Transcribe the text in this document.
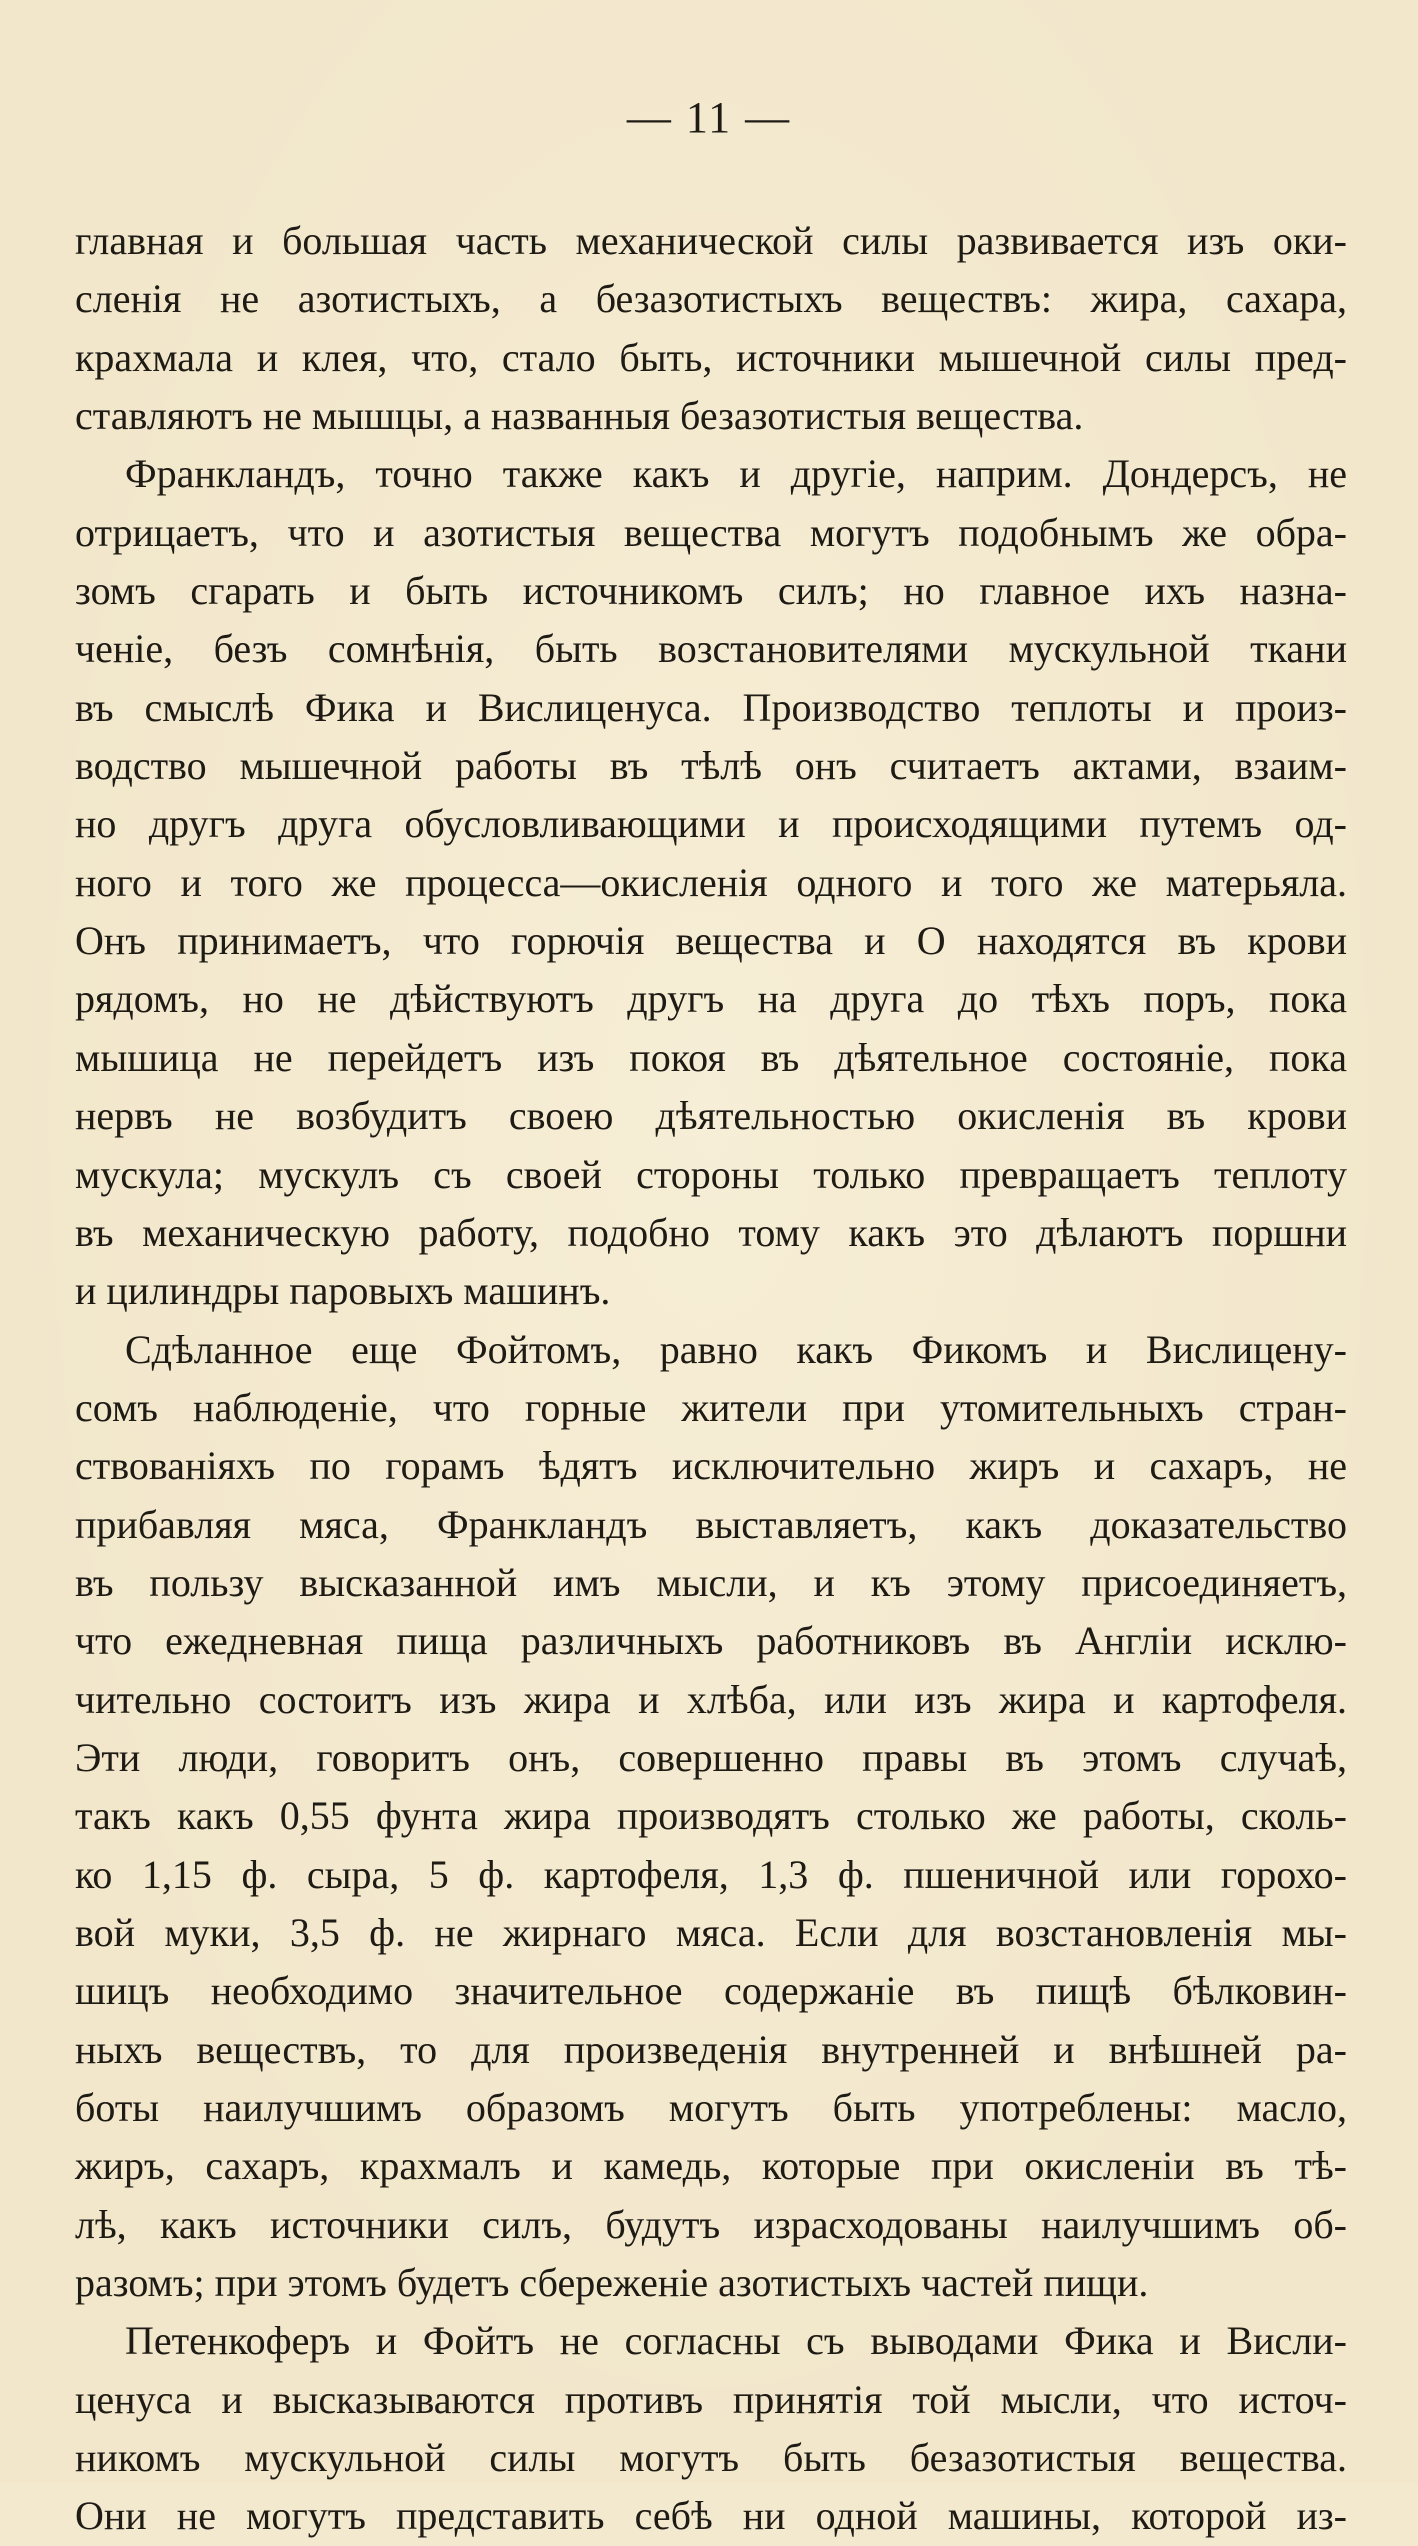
— 11 —
главная и большая часть механической силы развивается изъ оки-
сленія не азотистыхъ, а безазотистыхъ веществъ: жира, сахара,
крахмала и клея, что, стало быть, источники мышечной силы пред-
ставляютъ не мышцы, а названныя безазотистыя вещества.
Франкландъ, точно также какъ и другіе, наприм. Дондерсъ, не
отрицаетъ, что и азотистыя вещества могутъ подобнымъ же обра-
зомъ сгарать и быть источникомъ силъ; но главное ихъ назна-
ченіе, безъ сомнѣнія, быть возстановителями мускульной ткани
въ смыслѣ Фика и Вислиценуса. Производство теплоты и произ-
водство мышечной работы въ тѣлѣ онъ считаетъ актами, взаим-
но другъ друга обусловливающими и происходящими путемъ од-
ного и того же процесса—окисленія одного и того же матерьяла.
Онъ принимаетъ, что горючія вещества и О находятся въ крови
рядомъ, но не дѣйствуютъ другъ на друга до тѣхъ поръ, пока
мышица не перейдетъ изъ покоя въ дѣятельное состояніе, пока
нервъ не возбудитъ своею дѣятельностью окисленія въ крови
мускула; мускулъ съ своей стороны только превращаетъ теплоту
въ механическую работу, подобно тому какъ это дѣлаютъ поршни
и цилиндры паровыхъ машинъ.
Сдѣланное еще Фойтомъ, равно какъ Фикомъ и Вислицену-
сомъ наблюденіе, что горные жители при утомительныхъ стран-
ствованіяхъ по горамъ ѣдятъ исключительно жиръ и сахаръ, не
прибавляя мяса, Франкландъ выставляетъ, какъ доказательство
въ пользу высказанной имъ мысли, и къ этому присоединяетъ,
что ежедневная пища различныхъ работниковъ въ Англіи исклю-
чительно состоитъ изъ жира и хлѣба, или изъ жира и картофеля.
Эти люди, говоритъ онъ, совершенно правы въ этомъ случаѣ,
такъ какъ 0,55 фунта жира производятъ столько же работы, сколь-
ко 1,15 ф. сыра, 5 ф. картофеля, 1,3 ф. пшеничной или горохо-
вой муки, 3,5 ф. не жирнаго мяса. Если для возстановленія мы-
шицъ необходимо значительное содержаніе въ пищѣ бѣлковин-
ныхъ веществъ, то для произведенія внутренней и внѣшней ра-
боты наилучшимъ образомъ могутъ быть употреблены: масло,
жиръ, сахаръ, крахмалъ и камедь, которые при окисленіи въ тѣ-
лѣ, какъ источники силъ, будутъ израсходованы наилучшимъ об-
разомъ; при этомъ будетъ сбереженіе азотистыхъ частей пищи.
Петенкоферъ и Фойтъ не согласны съ выводами Фика и Висли-
ценуса и высказываются противъ принятія той мысли, что источ-
никомъ мускульной силы могутъ быть безазотистыя вещества.
Они не могутъ представить себѣ ни одной машины, которой из-
